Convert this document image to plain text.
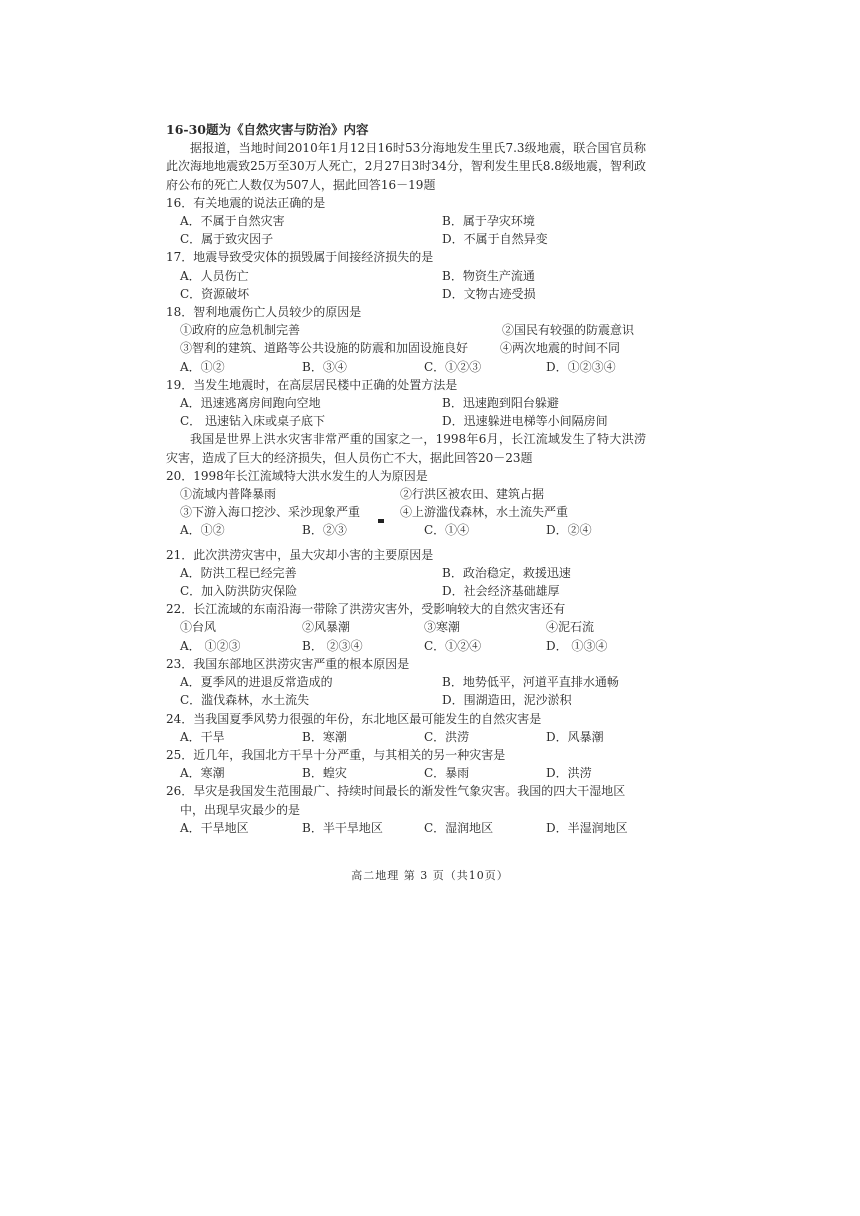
16-30题为《自然灾害与防治》内容
据报道，当地时间2010年1月12日16时53分海地发生里氏7.3级地震，联合国官员称此次海地地震致25万至30万人死亡，2月27日3时34分，智利发生里氏8.8级地震，智利政府公布的死亡人数仅为507人，据此回答16－19题
16．有关地震的说法正确的是
A．不属于自然灾害	B．属于孕灾环境
C．属于致灾因子	D．不属于自然异变
17．地震导致受灾体的损毁属于间接经济损失的是
A．人员伤亡	B．物资生产流通
C．资源破坏	D．文物古迹受损
18．智利地震伤亡人员较少的原因是
①政府的应急机制完善	②国民有较强的防震意识
③智利的建筑、道路等公共设施的防震和加固设施良好	④两次地震的时间不同
A．①②	B．③④	C．①②③	D．①②③④
19．当发生地震时，在高层居民楼中正确的处置方法是
A．迅速逃离房间跑向空地	B．迅速跑到阳台躲避
C． 迅速钻入床或桌子底下	D．迅速躲进电梯等小间隔房间
我国是世界上洪水灾害非常严重的国家之一，1998年6月，长江流域发生了特大洪涝灾害，造成了巨大的经济损失，但人员伤亡不大，据此回答20－23题
20．1998年长江流域特大洪水发生的人为原因是
①流域内普降暴雨	②行洪区被农田、建筑占据
③下游入海口挖沙、采沙现象严重	④上游滥伐森林，水土流失严重
A．①②	B．②③	C．①④	D．②④
21．此次洪涝灾害中，虽大灾却小害的主要原因是
A．防洪工程已经完善	B．政治稳定，救援迅速
C．加入防洪防灾保险	D．社会经济基础雄厚
22．长江流域的东南沿海一带除了洪涝灾害外，受影响较大的自然灾害还有
①台风	②风暴潮	③寒潮	④泥石流
A． ①②③	B． ②③④	C．①②④	D． ①③④
23．我国东部地区洪涝灾害严重的根本原因是
A．夏季风的进退反常造成的	B．地势低平，河道平直排水通畅
C．滥伐森林，水土流失	D．围湖造田，泥沙淤积
24．当我国夏季风势力很强的年份，东北地区最可能发生的自然灾害是
A．干旱	B．寒潮	C．洪涝	D．风暴潮
25．近几年，我国北方干旱十分严重，与其相关的另一种灾害是
A．寒潮	B．蝗灾	C．暴雨	D．洪涝
26．旱灾是我国发生范围最广、持续时间最长的渐发性气象灾害。我国的四大干湿地区
中，出现旱灾最少的是
A．干旱地区	B．半干旱地区	C．湿润地区	D．半湿润地区
高二地理 第 3 页（共10页）
